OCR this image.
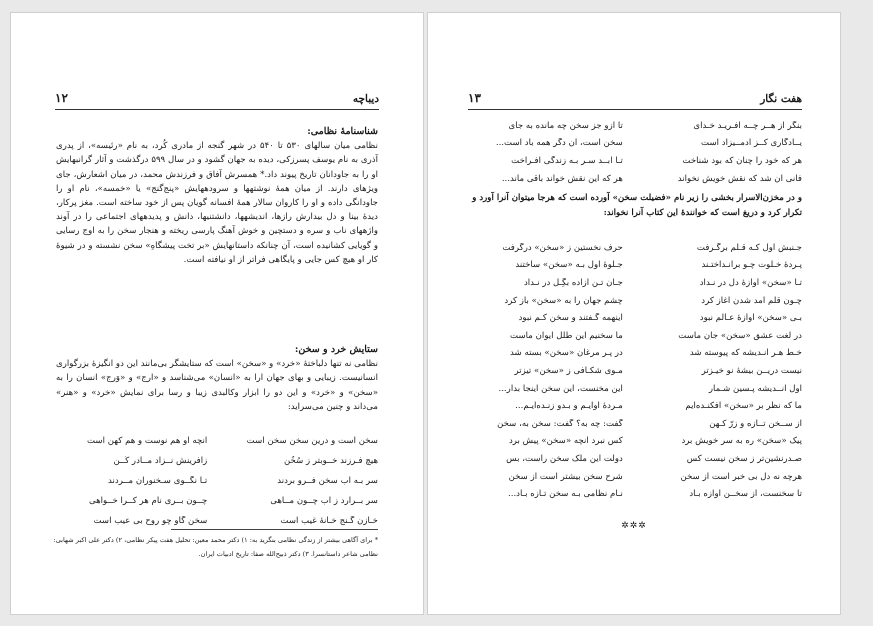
دیباچه
۱۲
شناسنامهٔ نظامی:

نظامی میان سالهای ۵۳۰ تا ۵۴۰ در شهر گنجه از مادری کُرد، به نام «رئیسه»، از پدری آذری به نام یوسف پسرزکی، دیده به جهان گشود و در سال ۵۹۹ درگذشت و آثار گرانبهایش او را به جاودانان تاریخ پیوند داد.* همسرش آفاق و فرزندش محمد، در میان اشعارش، جای ویژهای دارند. از میان همهٔ نوشتهها و سرودههایش «پنج‌گنج» یا «خمسه»، نام او را جاودانگی داده و او را کاروان سالار همهٔ افسانه گویان پس از خود ساخته است. مغز پرکار، دیدهٔ بینا و دل بیدارش رازها، اندیشهها، دانشتنیها، دانش و پدیدههای اجتماعی را در آوند واژههای ناب و سره و دستچین و خوش آهنگ پارسی ریخته و هنجار سخن را به اوج رسایی و گویایی کشانیده است، آن چنانکه داستانهایش «بر تخت پیشگاهِ» سخن نشسته و در شیوهٔ کار او هیچ کس جایی و پایگاهی فراتر از او نیافته است.

ستایش خرد و سخن:

نظامی نه تنها دلباختهٔ «خرد» و «سخن» است که ستایشگر بی‌مانند این دو انگیزهٔ بزرگواری انسانیست. زیبایی و بهای جهان ارا به «انسان» می‌شناسد و «ارج» و «وَرج» انسان را به «سخن» و «خرد» و این دو را ابزار وکالبدی زیبا و رسا برای نمایش «خرد» و «هنر» می‌داند و چنین می‌سراید:

سخن است و درین سخن سخن است
آنچه او هم نوست و هم کهن است
هیچ فـرزند خــوبتر ز سُخُن
زآفرینش نــزاد مــادر کُــن
سر بـه آب سخن فــرو بردند
تـا نگــوی سـخنوران مــردند
سر بــرآرد ز آب چــون مــاهی
چــون بــری نام هر کــرا خــواهی
خـازن گـنج خـانهٔ غیب است
سخن گاو چو روح بی عیب است
* برای آگاهی بیشتر از زندگی نظامی بنگرید به: ۱) دکتر محمد معین: تحلیل هفت پیکر نظامی، ۲) دکتر علی اکبر شهابی: نظامی شاعر داستانسرا. ۳) دکتر ذبیح‌الله صفا: تاریخ ادبیات ایران.
هفت نگار
۱۳
بنگر از هــر چــه آفـریـد خـدای
تا ازو جز سخن چه مانده به جای
یــادگاری کــز آدمــیزاد است
سخن است، آن دگر همه باد است...
هر که خود را چنان که بود شناخت
تـا ابــد سـر بـه زندگی افـراخت
فانی آن شد که نقش خویش نخواند
هر که این نقش خواند باقی ماند...
و در مخزن‌الاسرار بخشی را زیر نام «فضیلت سخن» آورده است که هرجا میتوان آنرا آورد و تکرار کرد و دریغ است که خوانندهٔ این کتاب آنرا نخواند:
جـنبش اول کـه قـلم برگـرفت
حرف نخستین ز «سخن» درگرفت
پـردهٔ خـلوت چـو برانـداختـند
جـلوهٔ اول بـه «سخن» ساختند
تـا «سخن» آوازهٔ دل در نـداد
جـان تـن آزاده بگِـل در نـداد
چـون قلم آمد شدن آغاز کرد
چشم جهان را به «سخن» باز کرد
بـی «سخن» آوازهٔ عـالم نبود
اینهمه گـفتند و سخن کـم نبود
در لغت عشق «سخن» جان ماست
ما سخنیم این طلل ایوان ماست
خـط هـر انـدیشه که پیوسته شد
در پـر مرغان «سخن» بسته شد
نیست دریــن بیشهٔ نو خیـزتر
مـوی شکـافی ز «سخن» تیزتر
اول انــدیشه پـسین شـمار
این مخنست، این سخن اینجا بدار...
ما که نظر بر «سخن» افکنـده‌ایم
مـردهٔ اوایـم و بـدو زنـده‌ایـم...
از ســخن تــازه و زرّ کـهن
گفت: چه به؟ گفت: سخن به، سخن
پیک «سخن» ره به سر خویش برد
کس نبرد آنچه «سخن» پیش برد
صـدرنشین‌تر ز سخن نیست کس
دولت این ملک سخن راست، بس
هرچه نه دل بی خبر است از سخن
شرح سخن بیشتر است از سخن
تا سخنست، از سخــن آوازه بـاد
نـام نظامی بـه سخن تـازه بـاد...
✲✲✲
